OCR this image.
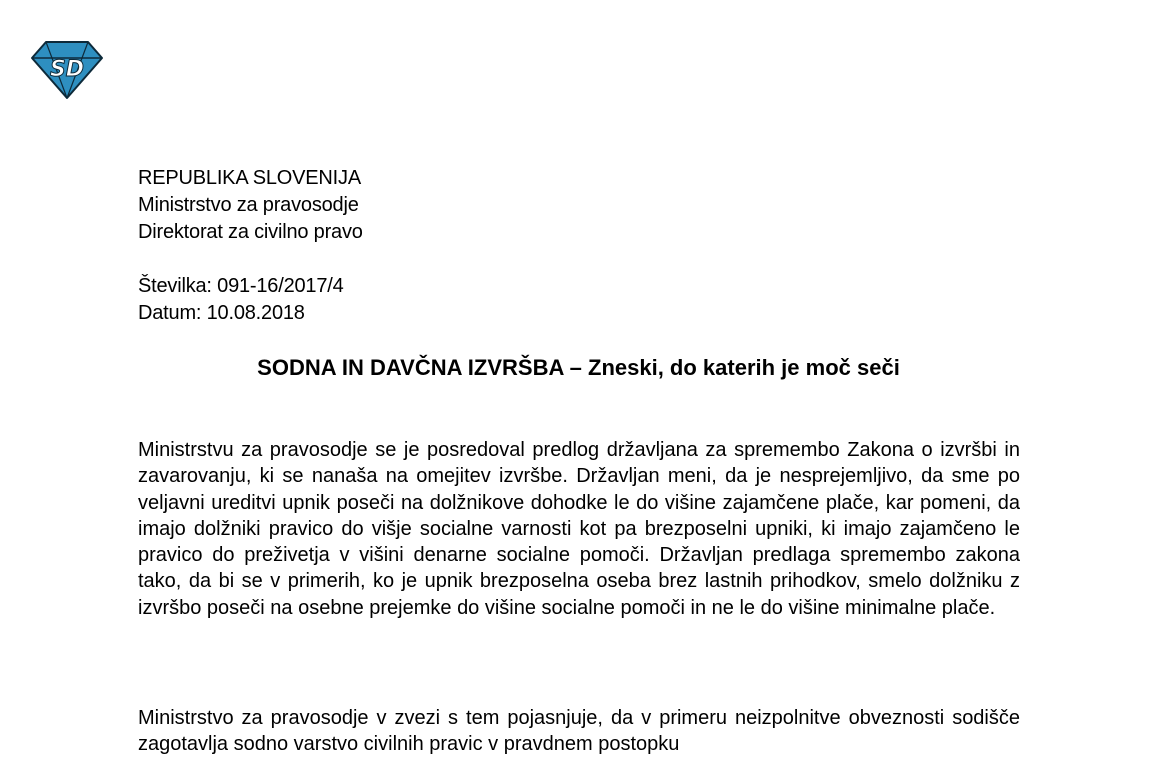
SD
REPUBLIKA SLOVENIJA
Ministrstvo za pravosodje
Direktorat za civilno pravo
Številka: 091-16/2017/4
Datum: 10.08.2018
SODNA IN DAVČNA IZVRŠBA – Zneski, do katerih je moč seči
Ministrstvu za pravosodje se je posredoval predlog državljana za spremembo Zakona o izvršbi in zavarovanju, ki se nanaša na omejitev izvršbe. Državljan meni, da je nesprejemljivo, da sme po veljavni ureditvi upnik poseči na dolžnikove dohodke le do višine zajamčene plače, kar pomeni, da imajo dolžniki pravico do višje socialne varnosti kot pa brezposelni upniki, ki imajo zajamčeno le pravico do preživetja v višini denarne socialne pomoči. Državljan predlaga spremembo zakona tako, da bi se v primerih, ko je upnik brezposelna oseba brez lastnih prihodkov, smelo dolžniku z izvršbo poseči na osebne prejemke do višine socialne pomoči in ne le do višine minimalne plače.
Ministrstvo za pravosodje v zvezi s tem pojasnjuje, da v primeru neizpolnitve obveznosti sodišče zagotavlja sodno varstvo civilnih pravic v pravdnem postopku
